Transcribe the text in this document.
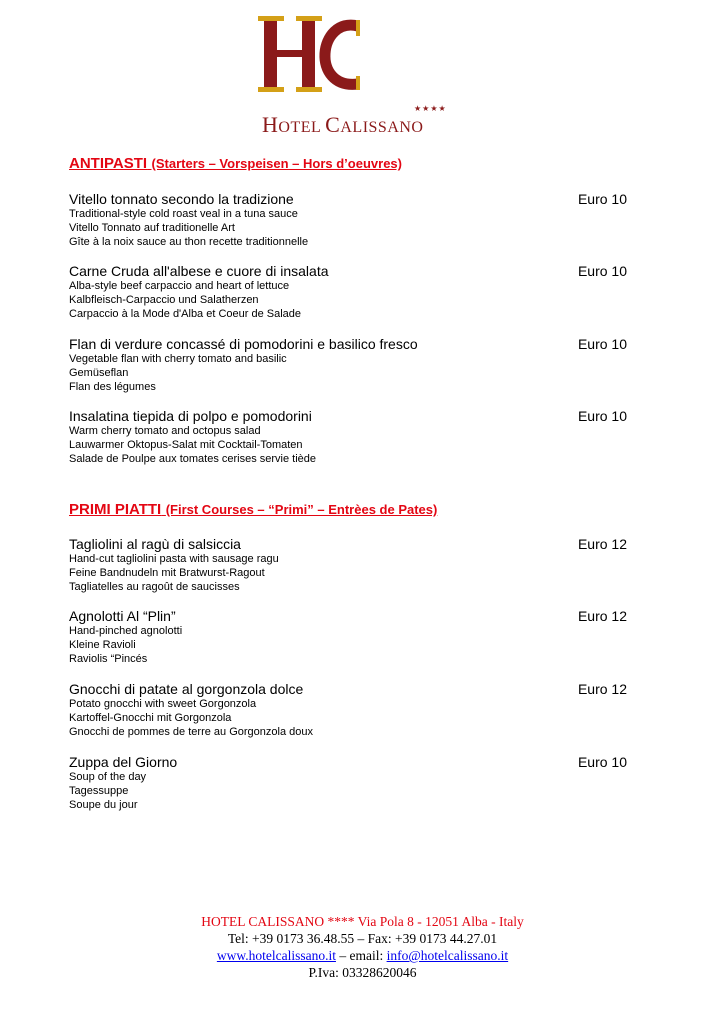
★★★★
HOTEL CALISSANO
ANTIPASTI (Starters – Vorspeisen – Hors d’oeuvres)
Vitello tonnato secondo la tradizione	Euro 10
Traditional-style cold roast veal in a tuna sauce
Vitello Tonnato auf traditionelle Art
Gîte à la noix sauce au thon recette traditionnelle
Carne Cruda all'albese e cuore di insalata	Euro 10
Alba-style beef carpaccio and heart of lettuce
Kalbfleisch-Carpaccio und Salatherzen
Carpaccio à la Mode d'Alba et Coeur de Salade
Flan di verdure concassé di pomodorini e basilico fresco	Euro 10
Vegetable flan with cherry tomato and basilic
Gemüseflan
Flan des légumes
Insalatina tiepida di polpo e pomodorini	Euro 10
Warm cherry tomato and octopus salad
Lauwarmer Oktopus-Salat mit Cocktail-Tomaten
Salade de Poulpe aux tomates cerises servie tiède
PRIMI PIATTI (First Courses – “Primi” – Entrèes de Pates)
Tagliolini al ragù di salsiccia	Euro 12
Hand-cut tagliolini pasta with sausage ragu
Feine Bandnudeln mit Bratwurst-Ragout
Tagliatelles au ragoût de saucisses
Agnolotti Al “Plin”	Euro 12
Hand-pinched agnolotti
Kleine Ravioli
Raviolis “Pincés
Gnocchi di patate al gorgonzola dolce	Euro 12
Potato gnocchi with sweet Gorgonzola
Kartoffel-Gnocchi mit Gorgonzola
Gnocchi de pommes de terre au Gorgonzola doux
Zuppa del Giorno	Euro 10
Soup of the day
Tagessuppe
Soupe du jour
HOTEL CALISSANO **** Via Pola 8 - 12051 Alba - Italy
Tel: +39 0173 36.48.55 – Fax: +39 0173 44.27.01
www.hotelcalissano.it – email: info@hotelcalissano.it
P.Iva: 03328620046
